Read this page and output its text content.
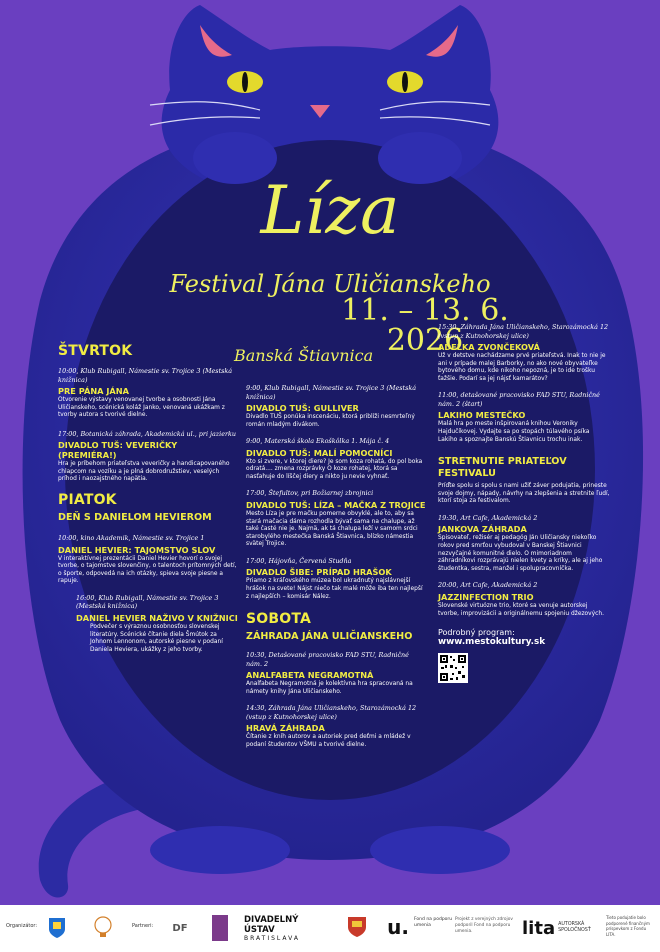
Líza
Festival Jána Uličianskeho
11. – 13. 6. 2026
Banská Štiavnica
ŠTVRTOK
10:00, Klub Rubigall, Námestie sv. Trojice 3 (Mestská knižnica)
PRE PÁNA JÁNA
Otvorenie výstavy venovanej tvorbe a osobnosti Jána Uličianskeho, scénická koláž Janko, venovaná ukážkam z tvorby autora s tvorivé dielne.
17:00, Botanická záhrada, Akademická ul., pri jazierku
DIVADLO TUŠ: VEVERIČKY (PREMIÉRA!)
Hra je príbehom priateľstva veveričky a handicapovaného chlapcom na vozíku a je plná dobrodružstiev, veselých príhod i naozajstného napätia.
PIATOK
DEŇ S DANIELOM HEVIEROM
10:00, kino Akademik, Námestie sv. Trojice 1
DANIEL HEVIER: TAJOMSTVO SLOV
V interaktívnej prezentácii Daniel Hevier hovorí o svojej tvorbe, o tajomstve slovenčiny, o talentoch prítomných detí, o športe, odpovedá na ich otázky, spieva svoje piesne a rapuje.
16:00, Klub Rubigall, Námestie sv. Trojice 3 (Mestská knižnica)
DANIEL HEVIER NAŽIVO V KNIŽNICI
Podvečer s výraznou osobnosťou slovenskej literatúry. Scénické čítanie diela Šmútok za Johnom Lennonom, autorské piesne v podaní Daniela Heviera, ukážky z jeho tvorby.
9:00, Klub Rubigall, Námestie sv. Trojice 3 (Mestská knižnica)
DIVADLO TUŠ: GULLIVER
Divadlo TUŠ ponúka inscenáciu, ktorá priblíži nesmrteľný román mladým divákom.
9:00, Materská škola Ekoškôlka 1. Mája č. 4
DIVADLO TUŠ: MALÍ POMOCNÍCI
Kto si zvere, v ktorej diere? Je som koza rohatá, do pol boka odratá.... zmena rozprávky O koze rohatej, ktorá sa nasťahuje do líščej diery a nikto ju nevie vyhnať.
17:00, Štefultov, pri Božiarnej zbrojnici
DIVADLO TUŠ: LÍZA – MAČKA Z TROJICE
Mesto Líza je pre mačku pomerne obvyklé, ale to, aby sa stará mačacia dáma rozhodla bývať sama na chalupe, až také časté nie je. Najmä, ak tá chalupa leží v samom srdci starobylého mestečka Banská Štiavnica, blízko námestia svätej Trojice.
17:00, Hájovňa, Červená Studňa
DIVADLO ŠIBE: PRÍPAD HRAŠOK
Priamo z kráľovského múzea bol ukradnutý najslávnejší hrášok na svete! Nájst niečo tak malé môže iba ten najlepší z najlepších – komisár Nález.
SOBOTA
ZÁHRADA JÁNA ULIČIANSKEHO
10:30, Detašované pracovisko FAD STU, Radničné nám. 2
ANALFABETA NEGRAMOTNÁ
Analfabeta Negramotná je kolektívna hra spracovaná na námety knihy Jána Uličianskeho.
14:30, Záhrada Jána Uličianskeho, Starozámocká 12 (vstup z Kutnohorskej ulice)
HRAVÁ ZÁHRADA
Čítanie z kníh autorov a autoriek pred deťmi a mládež v podaní študentov VŠMU a tvorivé dielne.
15:30, Záhrada Jána Uličianskeho, Starozámocká 12 (vstup z Kutnohorskej ulice)
ADELKA ZVONČEKOVÁ
Už v detstve nachádzame prvé priateľstvá. Inak to nie je ani v prípade malej Barborky, no ako nové obyvateľke bytového domu, kde nikoho nepozná, je to ide trošku ťažšie. Podarí sa jej nájsť kamarátov?
11:00, detašované pracovisko FAD STU, Radničné nám. 2 (štart)
LAKIHO MESTEČKO
Malá hra po meste inšpirovaná knihou Veroniky Hajdučíkovej. Vydajte sa po stopách túlavého psíka Lakiho a spoznajte Banskú Štiavnicu trochu inak.
STRETNUTIE PRIATEĽOV FESTIVALU
Príďte spolu si spolu s nami užiť záver podujatia, prineste svoje dojmy, nápady, návrhy na zlepšenia a stretnite ľudí, ktorí stoja za festivalom.
19:30, Art Cafe, Akademická 2
JANKOVA ZÁHRADA
Spisovateľ, režisér aj pedagóg Ján Uličiansky niekoľko rokov pred smrťou vybudoval v Banskej Štiavnici nezvyčajné komunitné dielo. O mimoriadnom záhradníkovi rozprávajú nielen kvety a kríky, ale aj jeho študentka, sestra, manžel i spolupracovníčka.
20:00, Art Cafe, Akademická 2
JAZZINFECTION TRIO
Slovenské virtuózne trio, ktoré sa venuje autorskej tvorbe, improvizácii a originálnemu spojeniu džezových.
Podrobný program:
www.mestokultury.sk
Organizátor:	Partneri: DF
DIVADELNÝ ÚSTAV
BRATISLAVA	u. Fond na podporu umenia
Projekt z verejných zdrojov podporil Fond na podporu umenia.	lita AUTORSKÁ SPOLOČNOSŤ
Tieto podujatie bolo podporené finančným príspevkom z Fondu LITA.
